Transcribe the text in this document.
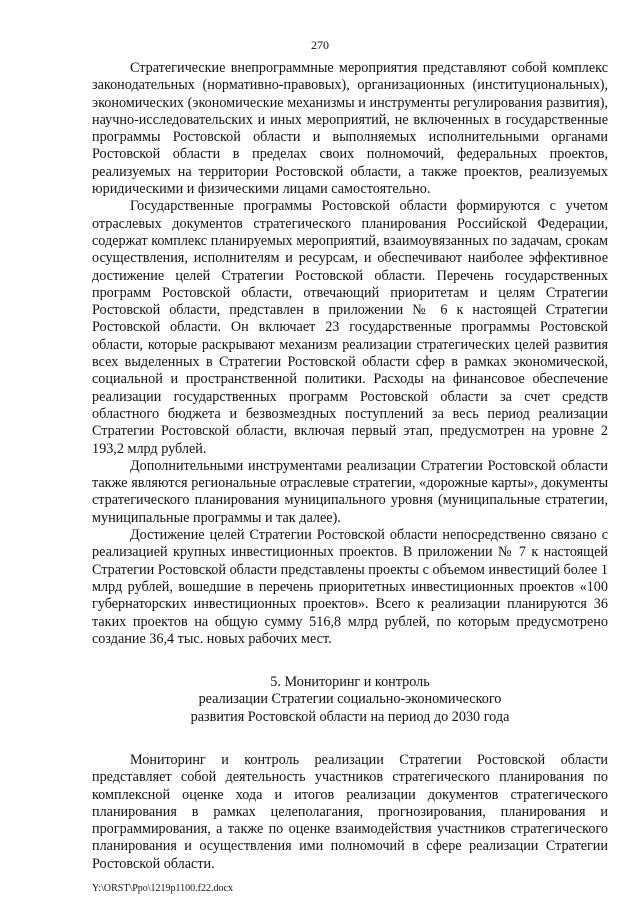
270

Стратегические внепрограммные мероприятия представляют собой комплекс законодательных (нормативно-правовых), организационных (институциональных), экономических (экономические механизмы и инструменты регулирования развития), научно-исследовательских и иных мероприятий, не включенных в государственные программы Ростовской области и выполняемых исполнительными органами Ростовской области в пределах своих полномочий, федеральных проектов, реализуемых на территории Ростовской области, а также проектов, реализуемых юридическими и физическими лицами самостоятельно.

Государственные программы Ростовской области формируются с учетом отраслевых документов стратегического планирования Российской Федерации, содержат комплекс планируемых мероприятий, взаимоувязанных по задачам, срокам осуществления, исполнителям и ресурсам, и обеспечивают наиболее эффективное достижение целей Стратегии Ростовской области. Перечень государственных программ Ростовской области, отвечающий приоритетам и целям Стратегии Ростовской области, представлен в приложении № 6 к настоящей Стратегии Ростовской области. Он включает 23 государственные программы Ростовской области, которые раскрывают механизм реализации стратегических целей развития всех выделенных в Стратегии Ростовской области сфер в рамках экономической, социальной и пространственной политики. Расходы на финансовое обеспечение реализации государственных программ Ростовской области за счет средств областного бюджета и безвозмездных поступлений за весь период реализации Стратегии Ростовской области, включая первый этап, предусмотрен на уровне 2 193,2 млрд рублей.

Дополнительными инструментами реализации Стратегии Ростовской области также являются региональные отраслевые стратегии, «дорожные карты», документы стратегического планирования муниципального уровня (муниципальные стратегии, муниципальные программы и так далее).

Достижение целей Стратегии Ростовской области непосредственно связано с реализацией крупных инвестиционных проектов. В приложении № 7 к настоящей Стратегии Ростовской области представлены проекты с объемом инвестиций более 1 млрд рублей, вошедшие в перечень приоритетных инвестиционных проектов «100 губернаторских инвестиционных проектов». Всего к реализации планируются 36 таких проектов на общую сумму 516,8 млрд рублей, по которым предусмотрено создание 36,4 тыс. новых рабочих мест.

5. Мониторинг и контроль
реализации Стратегии социально-экономического
развития Ростовской области на период до 2030 года

Мониторинг и контроль реализации Стратегии Ростовской области представляет собой деятельность участников стратегического планирования по комплексной оценке хода и итогов реализации документов стратегического планирования в рамках целеполагания, прогнозирования, планирования и программирования, а также по оценке взаимодействия участников стратегического планирования и осуществления ими полномочий в сфере реализации Стратегии Ростовской области.

Y:\ORST\Ppo\1219p1100.f22.docx
